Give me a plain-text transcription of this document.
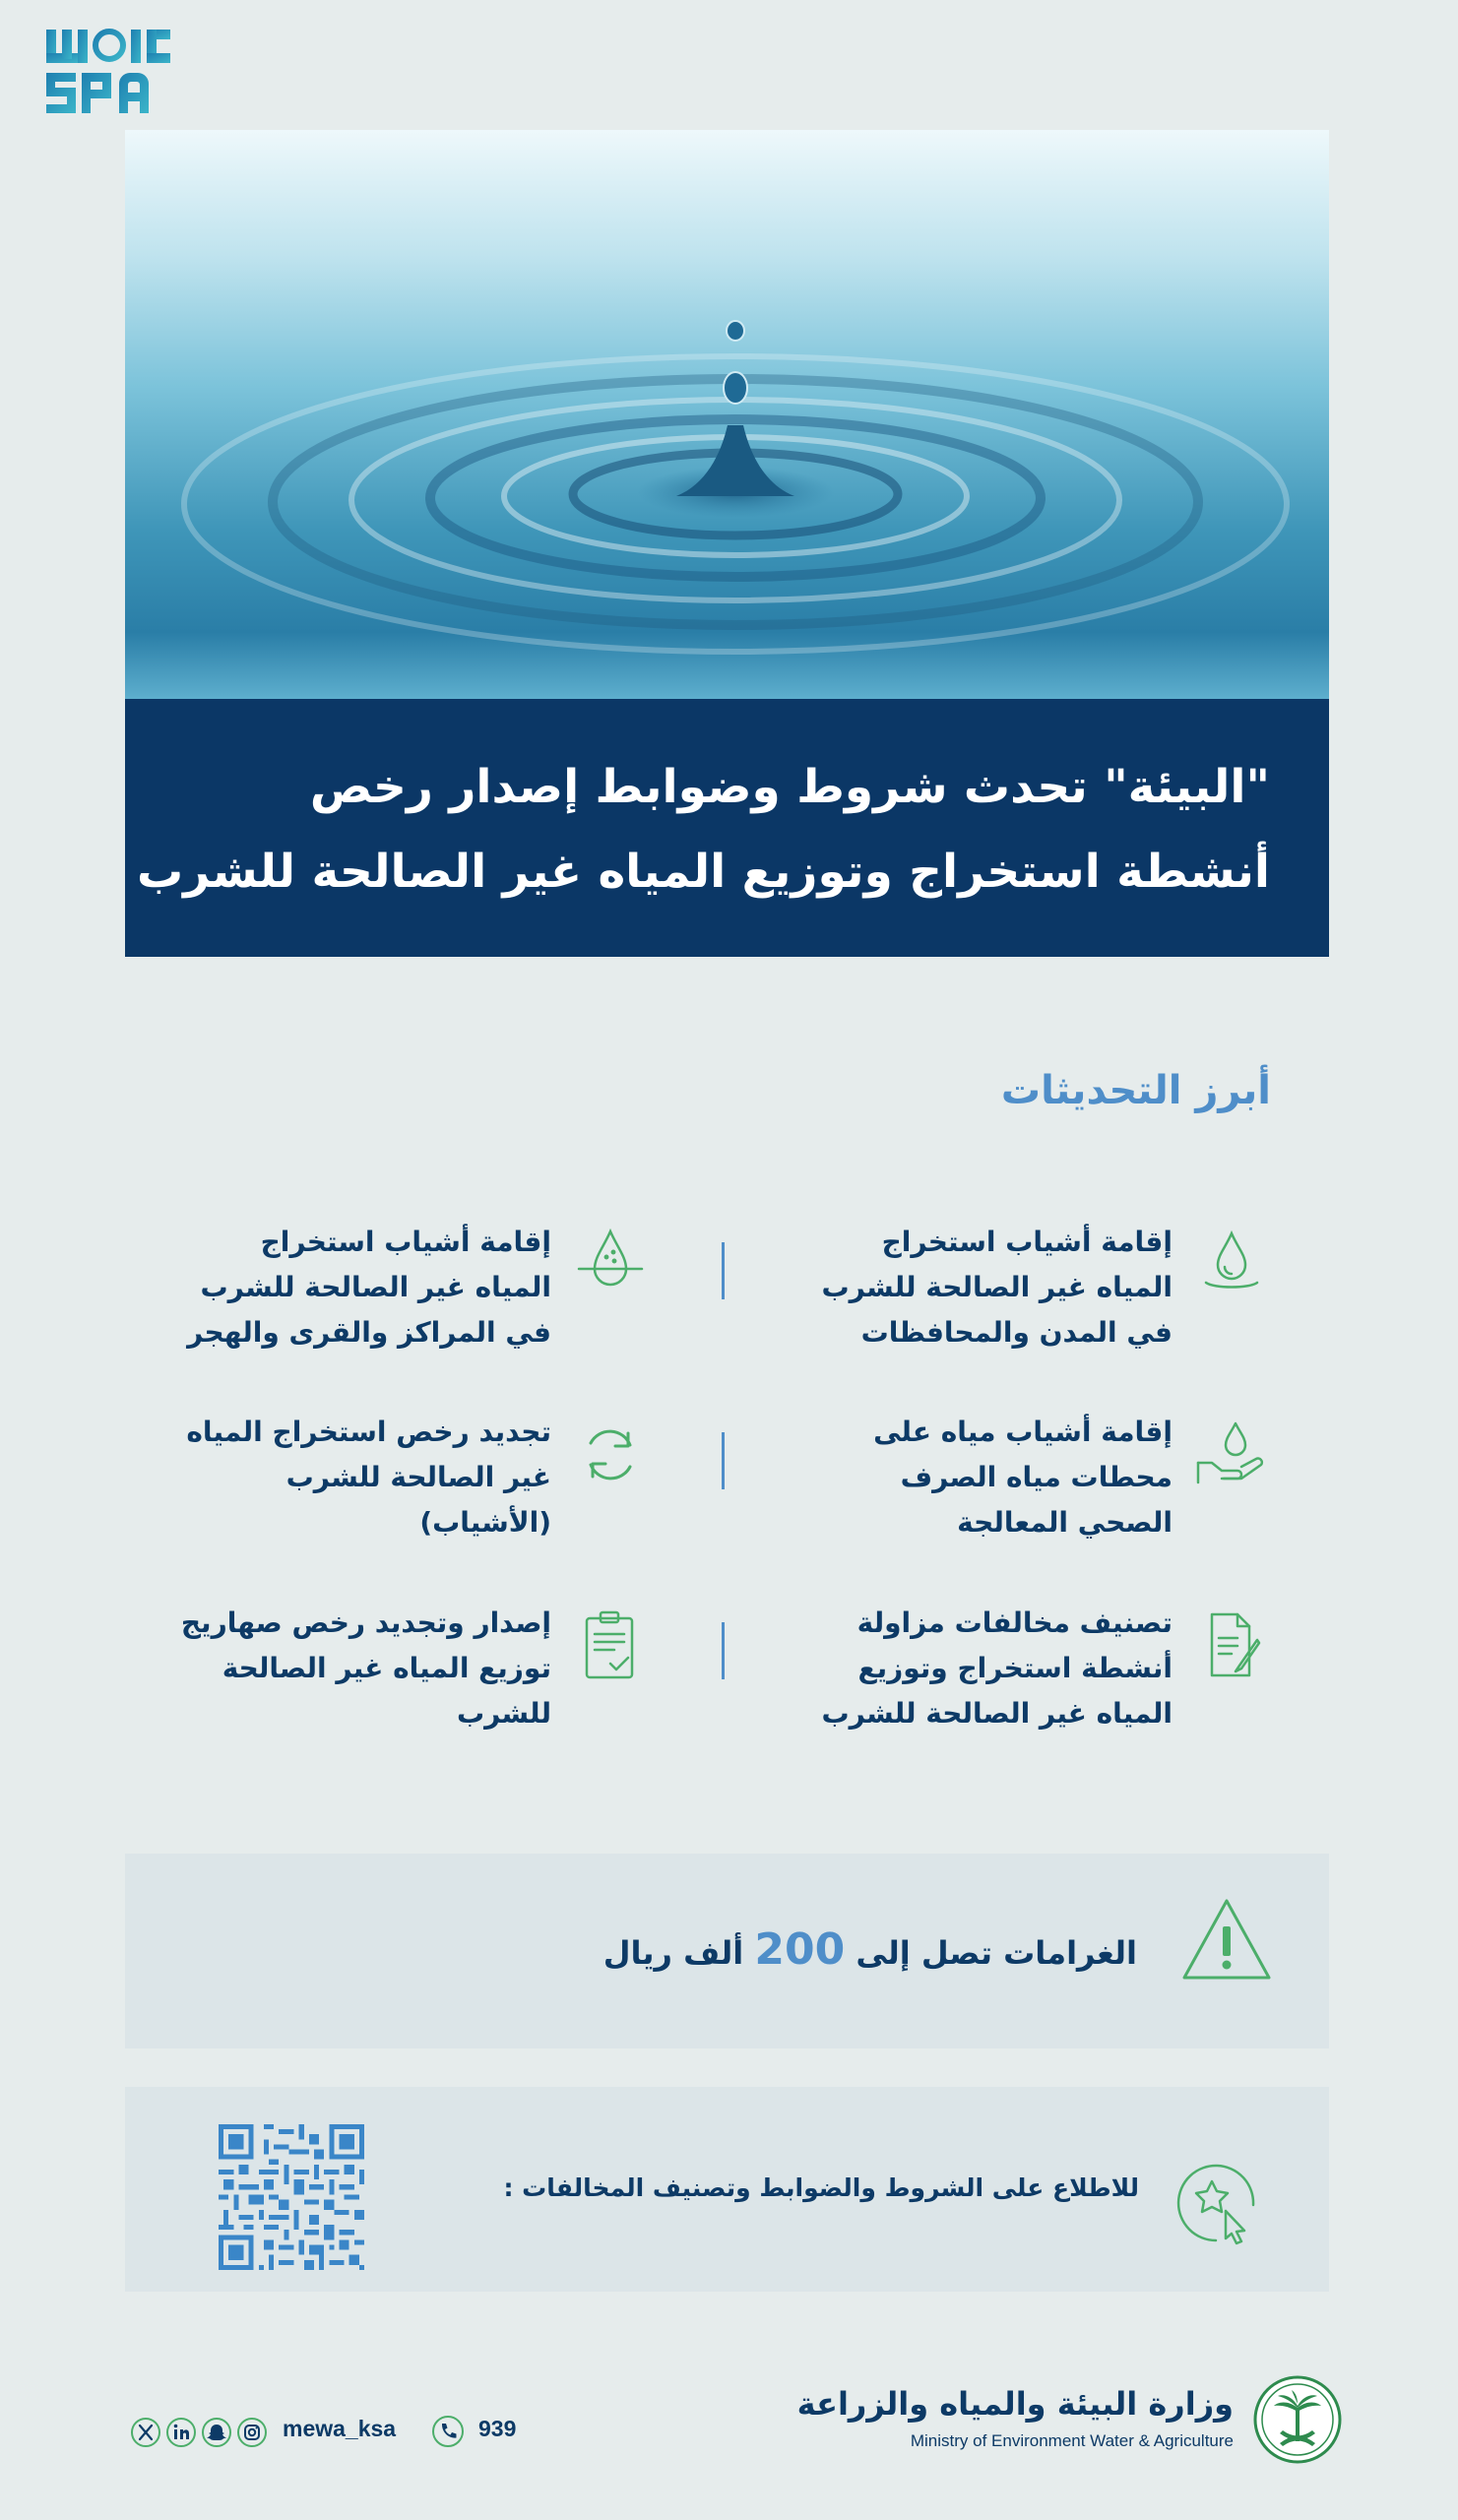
"البيئة" تحدث شروط وضوابط إصدار رخص
أنشطة استخراج وتوزيع المياه غير الصالحة للشرب
أبرز التحديثات
إقامة أشياب استخراج المياه غير الصالحة للشرب في المدن والمحافظات
إقامة أشياب استخراج المياه غير الصالحة للشرب في المراكز والقرى والهجر
إقامة أشياب مياه على محطات مياه الصرف الصحي المعالجة
تجديد رخص استخراج المياه غير الصالحة للشرب (الأشياب)
تصنيف مخالفات مزاولة أنشطة استخراج وتوزيع المياه غير الصالحة للشرب
إصدار وتجديد رخص صهاريج توزيع المياه غير الصالحة للشرب
الغرامات تصل إلى 200 ألف ريال
للاطلاع على الشروط والضوابط وتصنيف المخالفات :
وزارة البيئة والمياه والزراعة
Ministry of Environment Water & Agriculture
mewa_ksa	939
